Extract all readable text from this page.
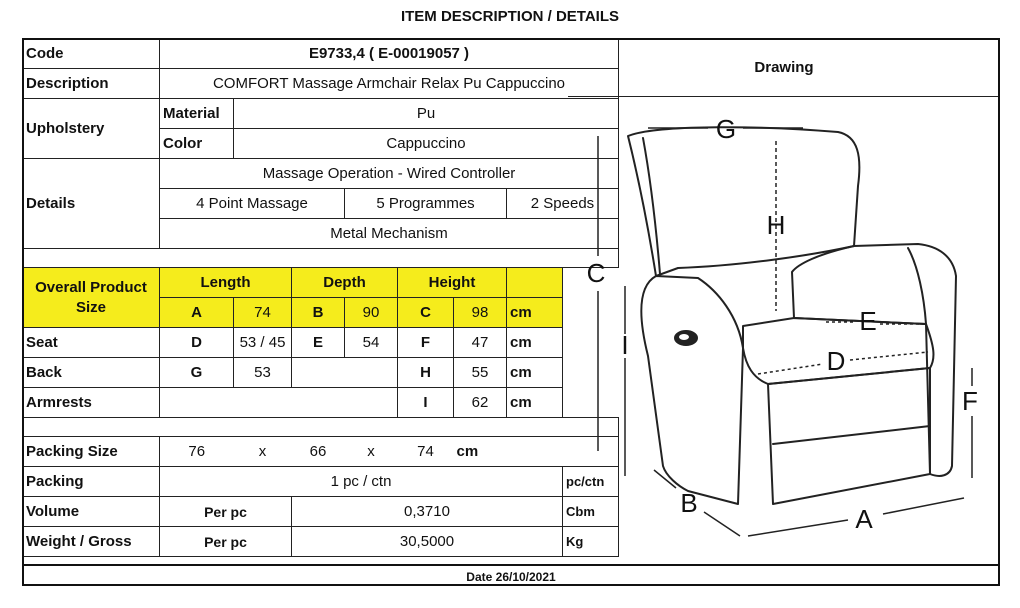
ITEM DESCRIPTION / DETAILS
Code	E9733,4 ( E-00019057 )							
Description	COMFORT Massage Armchair Relax Pu Cappuccino							
Upholstery	Material	Pu						
	Color	Cappuccino						
Details	Massage Operation - Wired Controller							
	4 Point Massage			5 Programmes			2 Speeds	
	Metal Mechanism							

Overall Product Size	Length		Depth		Height			
	A	74	B	90	C	98	cm	
Seat	D	53 / 45	E	54	F	47	cm	
Back	G	53			H	55	cm	
Armrests					I	62	cm	

Packing Size	76	x	66	x	74	cm		
Packing	1 pc / ctn							pc/ctn
Volume	Per pc		0,3710					Cbm
Weight / Gross	Per pc		30,5000					Kg
Drawing
G
H
C
I
E
D
F
B
A
Date 26/10/2021
